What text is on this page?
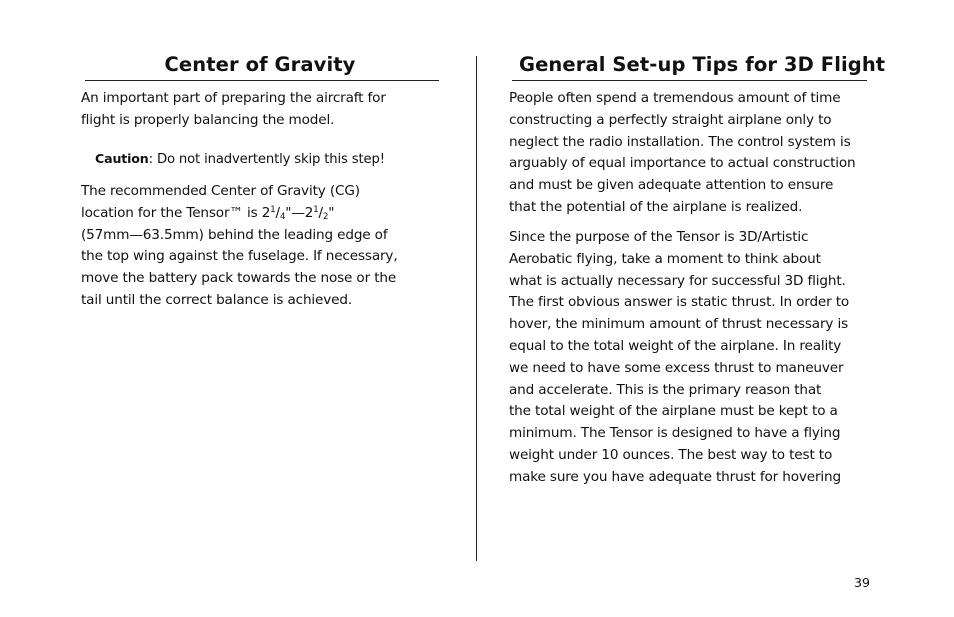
Center of Gravity

An important part of preparing the aircraft for
flight is properly balancing the model.

Caution: Do not inadvertently skip this step!

The recommended Center of Gravity (CG)
location for the Tensor™ is $2^1/_4"—2^1/_2$"
(57mm—63.5mm) behind the leading edge of
the top wing against the fuselage. If necessary,
move the battery pack towards the nose or the
tail until the correct balance is achieved.

General Set-up Tips for 3D Flight

People often spend a tremendous amount of time
constructing a perfectly straight airplane only to
neglect the radio installation. The control system is
arguably of equal importance to actual construction
and must be given adequate attention to ensure
that the potential of the airplane is realized.

Since the purpose of the Tensor is 3D/Artistic
Aerobatic flying, take a moment to think about
what is actually necessary for successful 3D flight.
The first obvious answer is static thrust. In order to
hover, the minimum amount of thrust necessary is
equal to the total weight of the airplane. In reality
we need to have some excess thrust to maneuver
and accelerate. This is the primary reason that
the total weight of the airplane must be kept to a
minimum. The Tensor is designed to have a flying
weight under 10 ounces. The best way to test to
make sure you have adequate thrust for hovering

39
